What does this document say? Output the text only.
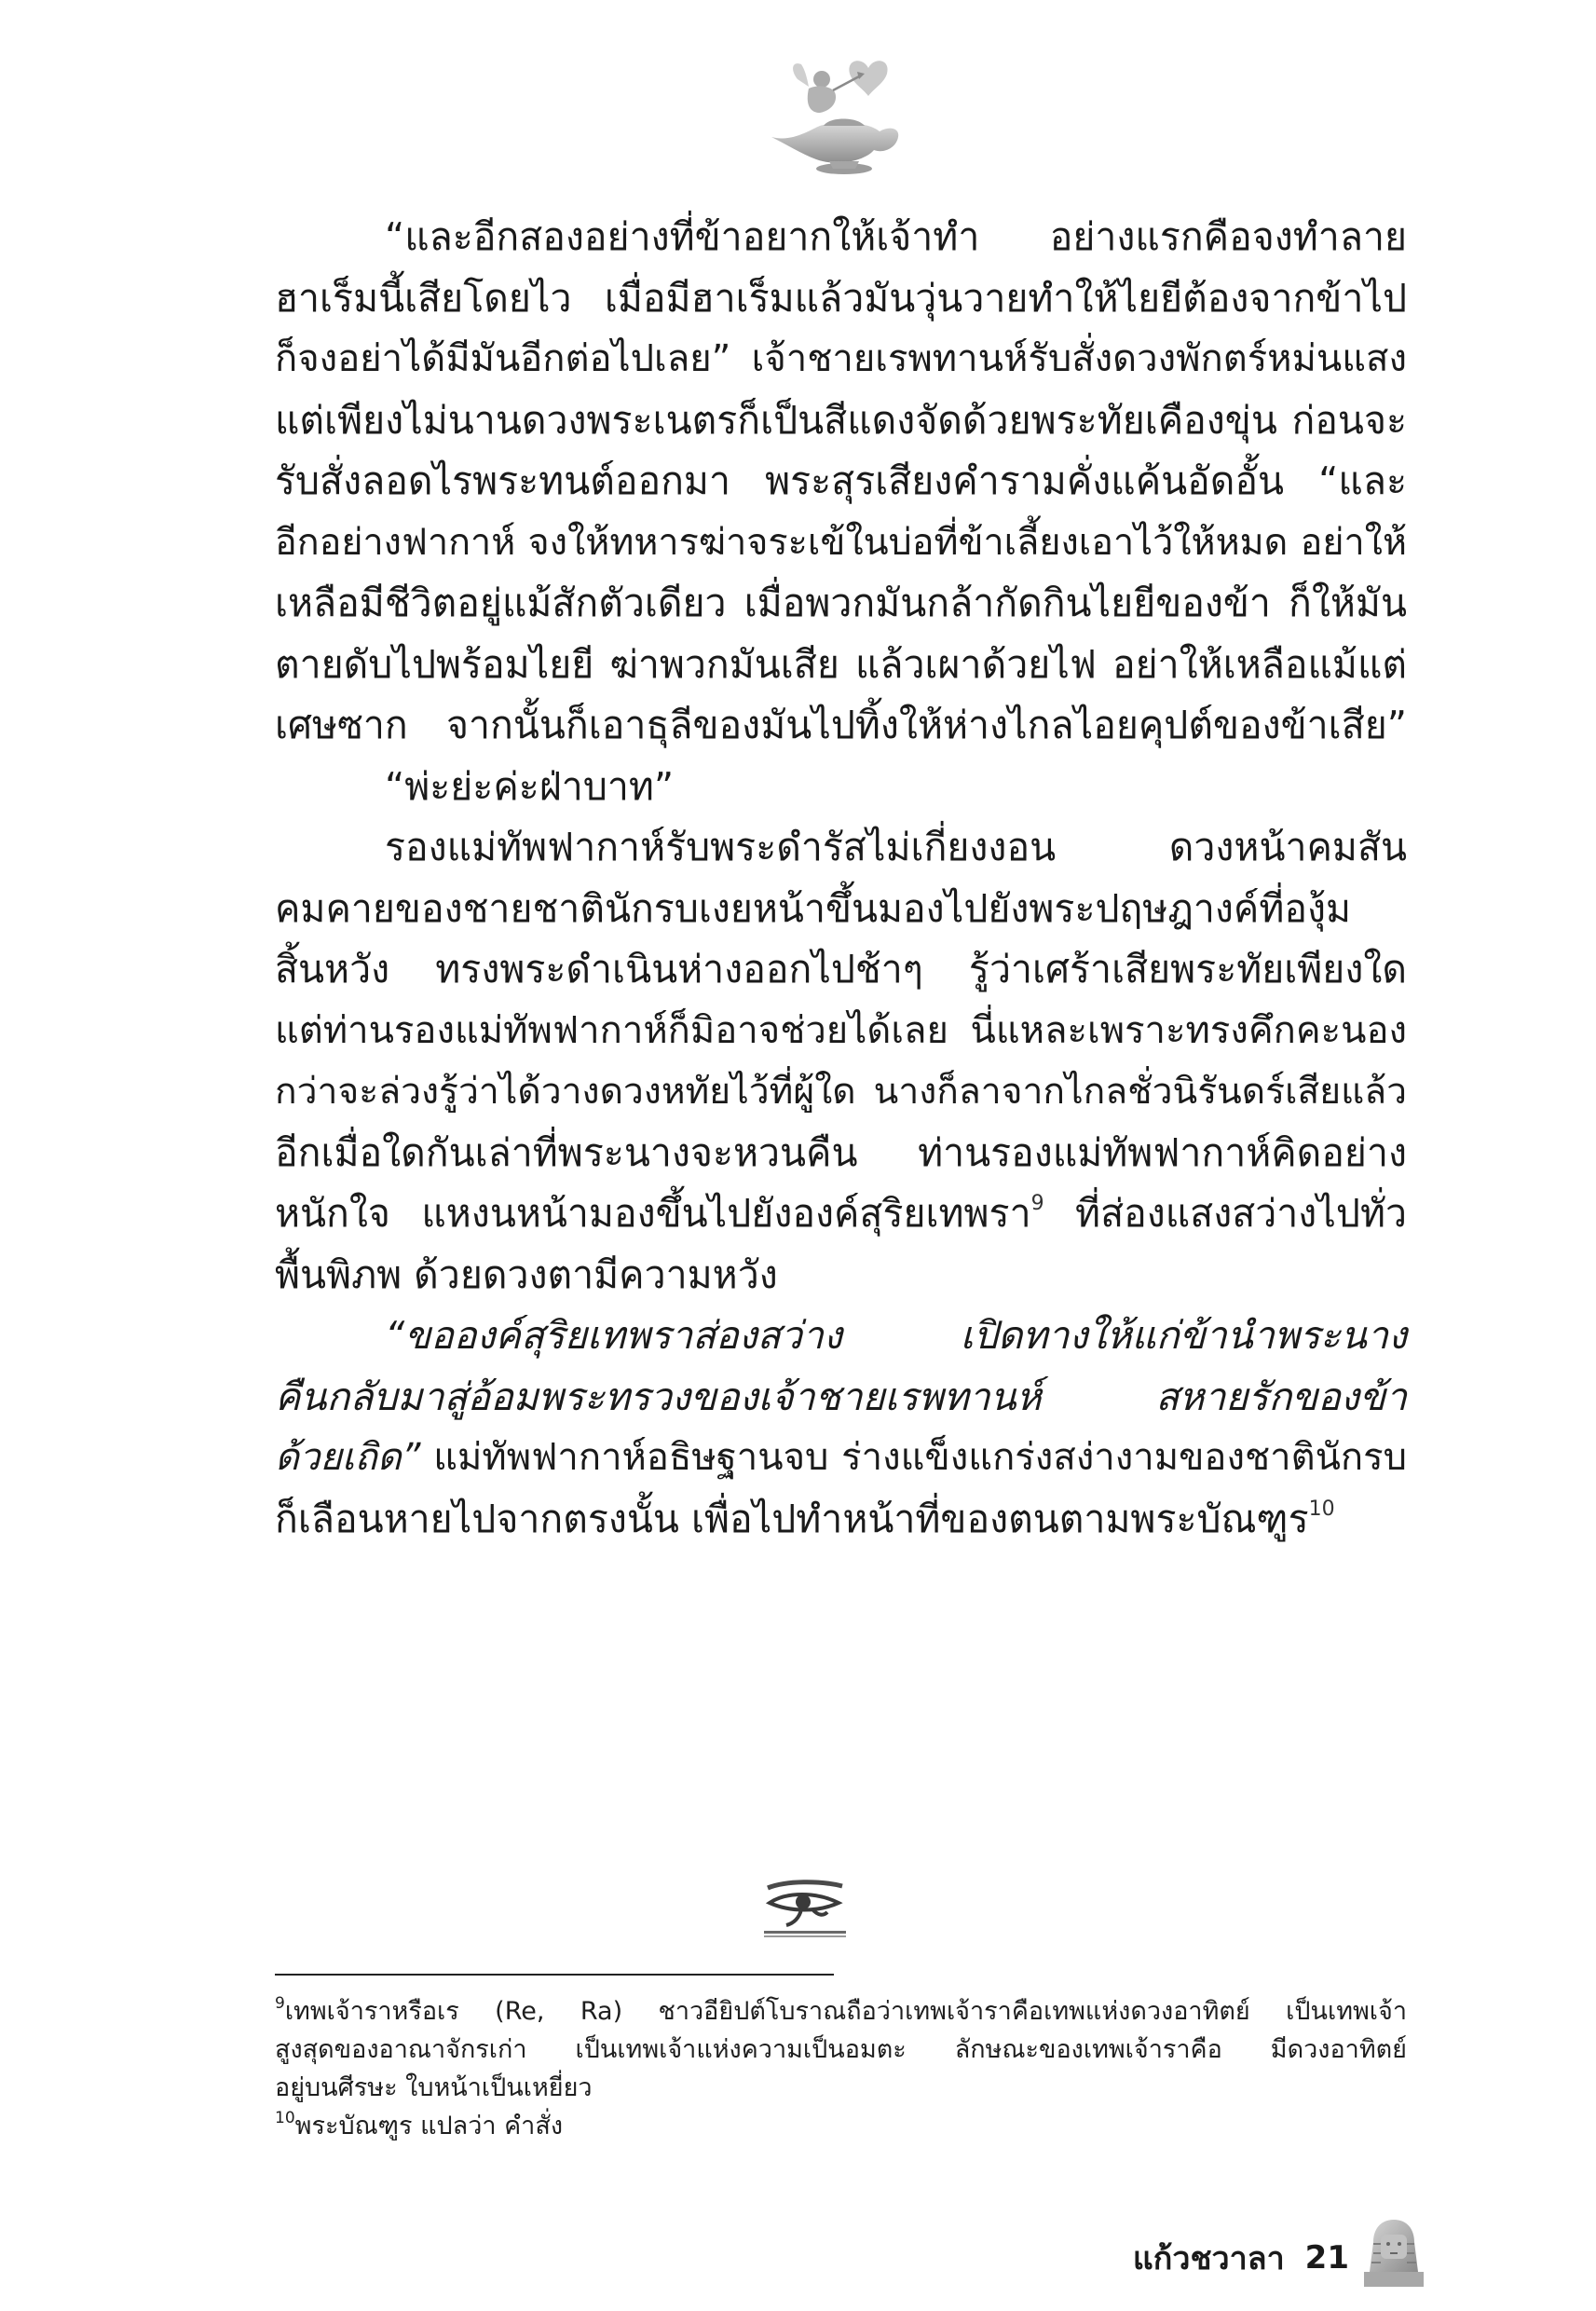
“และอีกสองอย่างที่ข้าอยากให้เจ้าทำ อย่างแรกคือจงทำลาย
ฮาเร็มนี้เสียโดยไว เมื่อมีฮาเร็มแล้วมันวุ่นวายทำให้ไยยีต้องจากข้าไป
ก็จงอย่าได้มีมันอีกต่อไปเลย” เจ้าชายเรพทานห์รับสั่งดวงพักตร์หม่นแสง
แต่เพียงไม่นานดวงพระเนตรก็เป็นสีแดงจัดด้วยพระทัยเคืองขุ่น ก่อนจะ
รับสั่งลอดไรพระทนต์ออกมา พระสุรเสียงคำรามคั่งแค้นอัดอั้น “และ
อีกอย่างฟากาห์ จงให้ทหารฆ่าจระเข้ในบ่อที่ข้าเลี้ยงเอาไว้ให้หมด อย่าให้
เหลือมีชีวิตอยู่แม้สักตัวเดียว เมื่อพวกมันกล้ากัดกินไยยีของข้า ก็ให้มัน
ตายดับไปพร้อมไยยี ฆ่าพวกมันเสีย แล้วเผาด้วยไฟ อย่าให้เหลือแม้แต่
เศษซาก จากนั้นก็เอาธุลีของมันไปทิ้งให้ห่างไกลไอยคุปต์ของข้าเสีย”
“พ่ะย่ะค่ะฝ่าบาท”
รองแม่ทัพฟากาห์รับพระดำรัสไม่เกี่ยงงอน ดวงหน้าคมสัน
คมคายของชายชาตินักรบเงยหน้าขึ้นมองไปยังพระปฤษฎางค์ที่องุ้ม
สิ้นหวัง ทรงพระดำเนินห่างออกไปช้าๆ รู้ว่าเศร้าเสียพระทัยเพียงใด
แต่ท่านรองแม่ทัพฟากาห์ก็มิอาจช่วยได้เลย นี่แหละเพราะทรงคึกคะนอง
กว่าจะล่วงรู้ว่าได้วางดวงหทัยไว้ที่ผู้ใด นางก็ลาจากไกลชั่วนิรันดร์เสียแล้ว
อีกเมื่อใดกันเล่าที่พระนางจะหวนคืน ท่านรองแม่ทัพฟากาห์คิดอย่าง
หนักใจ แหงนหน้ามองขึ้นไปยังองค์สุริยเทพรา$^9$ ที่ส่องแสงสว่างไปทั่ว
พื้นพิภพ ด้วยดวงตามีความหวัง
“ขอองค์สุริยเทพราส่องสว่าง เปิดทางให้แก่ข้านำพระนาง
คืนกลับมาสู่อ้อมพระทรวงของเจ้าชายเรพทานห์ สหายรักของข้า
ด้วยเถิด” แม่ทัพฟากาห์อธิษฐานจบ ร่างแข็งแกร่งสง่างามของชาตินักรบ
ก็เลือนหายไปจากตรงนั้น เพื่อไปทำหน้าที่ของตนตามพระบัณฑูร$^{10}$
$^9$เทพเจ้าราหรือเร (Re, Ra) ชาวอียิปต์โบราณถือว่าเทพเจ้าราคือเทพแห่งดวงอาทิตย์ เป็นเทพเจ้า
สูงสุดของอาณาจักรเก่า เป็นเทพเจ้าแห่งความเป็นอมตะ ลักษณะของเทพเจ้าราคือ มีดวงอาทิตย์
อยู่บนศีรษะ ใบหน้าเป็นเหยี่ยว
$^{10}$พระบัณฑูร แปลว่า คำสั่ง
แก้วชวาลา 21
